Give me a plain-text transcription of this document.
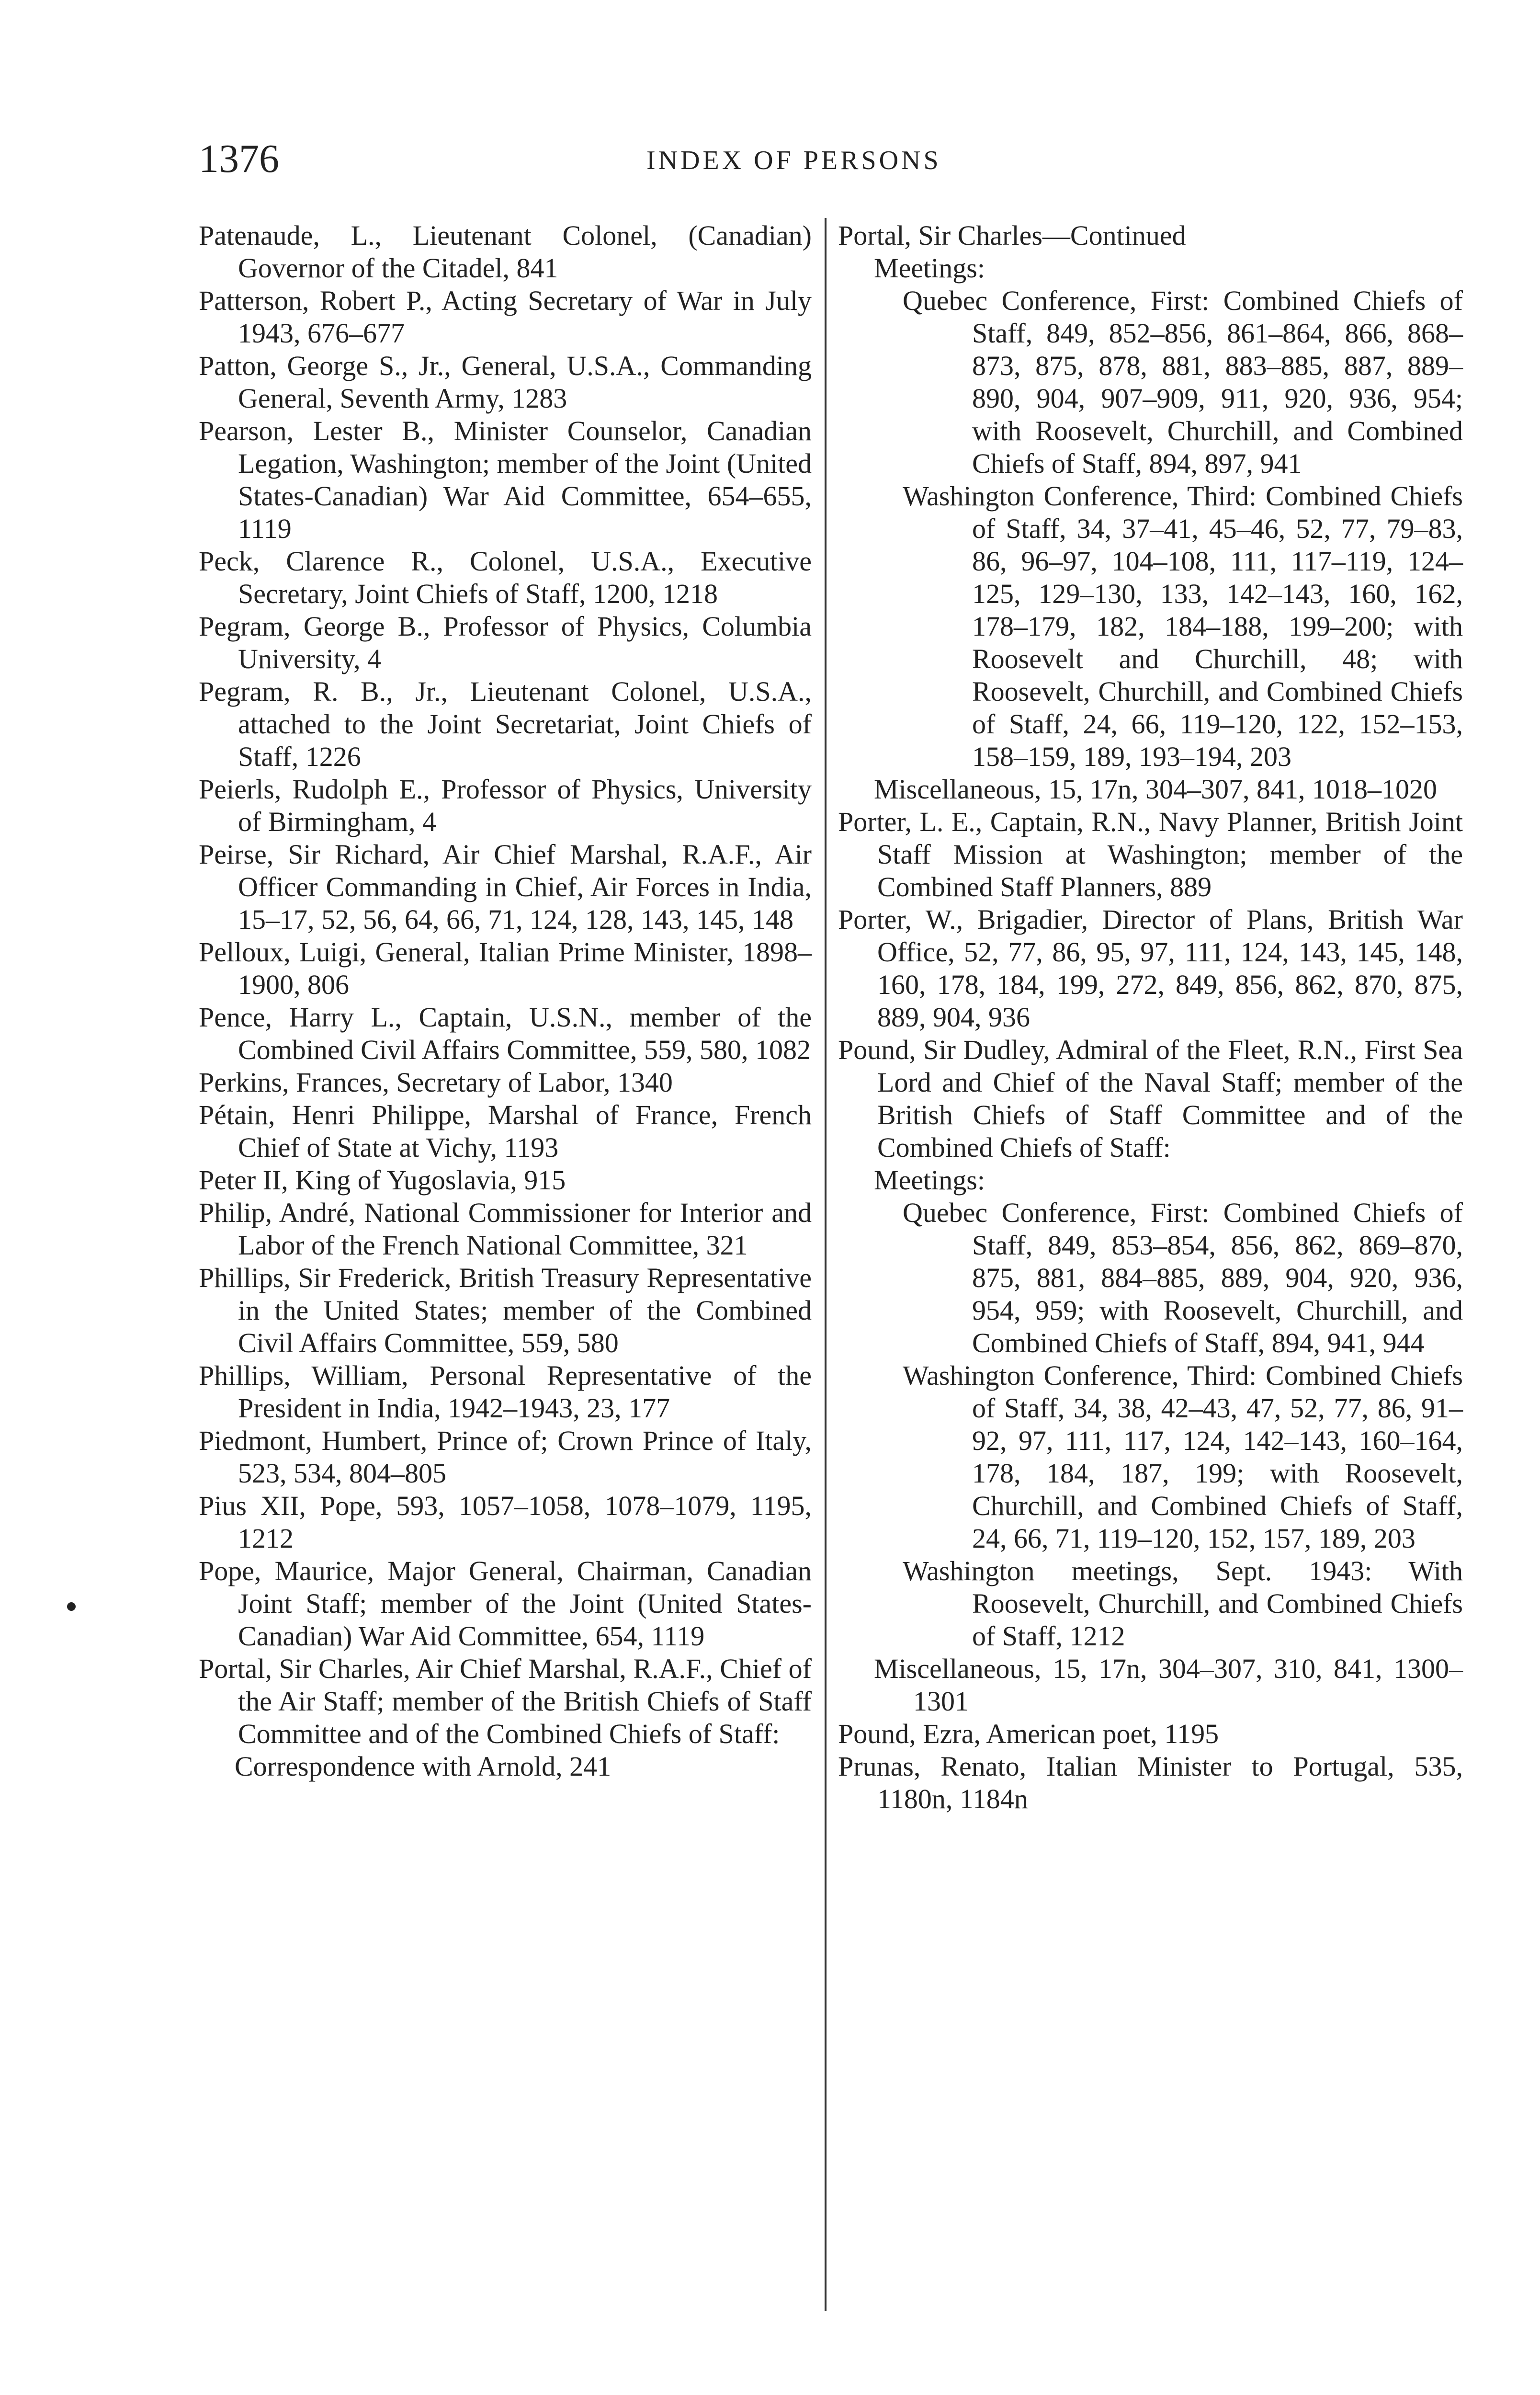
1376	INDEX OF PERSONS

Patenaude, L., Lieutenant Colonel, (Canadian) Governor of the Citadel, 841

Patterson, Robert P., Acting Secretary of War in July 1943, 676–677

Patton, George S., Jr., General, U.S.A., Commanding General, Seventh Army, 1283

Pearson, Lester B., Minister Counselor, Canadian Legation, Washington; member of the Joint (United States-Canadian) War Aid Committee, 654–655, 1119

Peck, Clarence R., Colonel, U.S.A., Executive Secretary, Joint Chiefs of Staff, 1200, 1218

Pegram, George B., Professor of Physics, Columbia University, 4

Pegram, R. B., Jr., Lieutenant Colonel, U.S.A., attached to the Joint Secretariat, Joint Chiefs of Staff, 1226

Peierls, Rudolph E., Professor of Physics, University of Birmingham, 4

Peirse, Sir Richard, Air Chief Marshal, R.A.F., Air Officer Commanding in Chief, Air Forces in India, 15–17, 52, 56, 64, 66, 71, 124, 128, 143, 145, 148

Pelloux, Luigi, General, Italian Prime Minister, 1898–1900, 806

Pence, Harry L., Captain, U.S.N., member of the Combined Civil Affairs Committee, 559, 580, 1082

Perkins, Frances, Secretary of Labor, 1340

Pétain, Henri Philippe, Marshal of France, French Chief of State at Vichy, 1193

Peter II, King of Yugoslavia, 915

Philip, André, National Commissioner for Interior and Labor of the French National Committee, 321

Phillips, Sir Frederick, British Treasury Representative in the United States; member of the Combined Civil Affairs Committee, 559, 580

Phillips, William, Personal Representative of the President in India, 1942–1943, 23, 177

Piedmont, Humbert, Prince of; Crown Prince of Italy, 523, 534, 804–805

Pius XII, Pope, 593, 1057–1058, 1078–1079, 1195, 1212

Pope, Maurice, Major General, Chairman, Canadian Joint Staff; member of the Joint (United States-Canadian) War Aid Committee, 654, 1119

Portal, Sir Charles, Air Chief Marshal, R.A.F., Chief of the Air Staff; member of the British Chiefs of Staff Committee and of the Combined Chiefs of Staff:

Correspondence with Arnold, 241

Portal, Sir Charles—Continued

Meetings:

Quebec Conference, First: Combined Chiefs of Staff, 849, 852–856, 861–864, 866, 868–873, 875, 878, 881, 883–885, 887, 889–890, 904, 907–909, 911, 920, 936, 954; with Roosevelt, Churchill, and Combined Chiefs of Staff, 894, 897, 941

Washington Conference, Third: Combined Chiefs of Staff, 34, 37–41, 45–46, 52, 77, 79–83, 86, 96–97, 104–108, 111, 117–119, 124–125, 129–130, 133, 142–143, 160, 162, 178–179, 182, 184–188, 199–200; with Roosevelt and Churchill, 48; with Roosevelt, Churchill, and Combined Chiefs of Staff, 24, 66, 119–120, 122, 152–153, 158–159, 189, 193–194, 203

Miscellaneous, 15, 17n, 304–307, 841, 1018–1020

Porter, L. E., Captain, R.N., Navy Planner, British Joint Staff Mission at Washington; member of the Combined Staff Planners, 889

Porter, W., Brigadier, Director of Plans, British War Office, 52, 77, 86, 95, 97, 111, 124, 143, 145, 148, 160, 178, 184, 199, 272, 849, 856, 862, 870, 875, 889, 904, 936

Pound, Sir Dudley, Admiral of the Fleet, R.N., First Sea Lord and Chief of the Naval Staff; member of the British Chiefs of Staff Committee and of the Combined Chiefs of Staff:

Meetings:

Quebec Conference, First: Combined Chiefs of Staff, 849, 853–854, 856, 862, 869–870, 875, 881, 884–885, 889, 904, 920, 936, 954, 959; with Roosevelt, Churchill, and Combined Chiefs of Staff, 894, 941, 944

Washington Conference, Third: Combined Chiefs of Staff, 34, 38, 42–43, 47, 52, 77, 86, 91–92, 97, 111, 117, 124, 142–143, 160–164, 178, 184, 187, 199; with Roosevelt, Churchill, and Combined Chiefs of Staff, 24, 66, 71, 119–120, 152, 157, 189, 203

Washington meetings, Sept. 1943: With Roosevelt, Churchill, and Combined Chiefs of Staff, 1212

Miscellaneous, 15, 17n, 304–307, 310, 841, 1300–1301

Pound, Ezra, American poet, 1195

Prunas, Renato, Italian Minister to Portugal, 535, 1180n, 1184n
